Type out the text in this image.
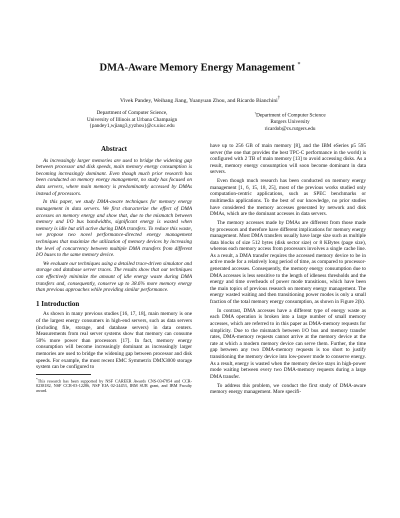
DMA-Aware Memory Energy Management *
Vivek Pandey, Weihang Jiang, Yuanyuan Zhou, and Ricardo Bianchini†
Department of Computer Science,
University of Illinois at Urbana Champaign
{pandey1,wjiang3,yyzhou}@cs.uiuc.edu
†Department of Computer Science
Rutgers University
ricardob@cs.rutgers.edu
Abstract

As increasingly larger memories are used to bridge the widening gap between processor and disk speeds, main memory energy consumption is becoming increasingly dominant. Even though much prior research has been conducted on memory energy management, no study has focused on data servers, where main memory is predominantly accessed by DMAs instead of processors.

In this paper, we study DMA-aware techniques for memory energy management in data servers. We first characterize the effect of DMA accesses on memory energy and show that, due to the mismatch between memory and I/O bus bandwidths, significant energy is wasted when memory is idle but still active during DMA transfers. To reduce this waste, we propose two novel performance-directed energy management techniques that maximize the utilization of memory devices by increasing the level of concurrency between multiple DMA transfers from different I/O buses to the same memory device.

We evaluate our techniques using a detailed trace-driven simulator and storage and database server traces. The results show that our techniques can effectively minimize the amount of idle energy waste during DMA transfers and, consequently, conserve up to 38.6% more memory energy than previous approaches while providing similar performance.

1 Introduction

As shown in many previous studies [16, 17, 18], main memory is one of the largest energy consumers in high-end servers, such as data servers (including file, storage, and database servers) in data centers. Measurements from real server systems show that memory can consume 50% more power than processors [17]. In fact, memory energy consumption will become increasingly dominant as increasingly larger memories are used to bridge the widening gap between processor and disk speeds. For example, the most recent EMC Symmetrix DMX3000 storage system can be configured to

*This research has been supported by NSF CAREER Awards CNS-0347854 and CCR-0238182, NSF CCR-03-12286, NSF EIA 02-24453, IBM SUR grant, and IBM Faculty award.

have up to 256 GB of main memory [8], and the IBM eSeries p5 595 server (the one that provides the best TPC-C performance in the world) is configured with 2 TB of main memory [13] to avoid accessing disks. As a result, memory energy consumption will soon become dominant in data servers.

Even though much research has been conducted on memory energy management [1, 6, 15, 18, 25], most of the previous works studied only computation-centric applications, such as SPEC benchmarks or multimedia applications. To the best of our knowledge, no prior studies have considered the memory accesses generated by network and disk DMAs, which are the dominant accesses in data servers.

The memory accesses made by DMAs are different from those made by processors and therefore have different implications for memory energy management. Most DMA transfers usually have large size such as multiple data blocks of size 512 bytes (disk sector size) or 8 KBytes (page size), whereas each memory access from processors involves a single cache line. As a result, a DMA transfer requires the accessed memory device to be in active mode for a relatively long period of time, as compared to processor-generated accesses. Consequently, the memory energy consumption due to DMA accesses is less sensitive to the length of idleness thresholds and the energy and time overheads of power mode transitions, which have been the main topics of previous research on memory energy management. The energy wasted waiting and then transitioning power modes is only a small fraction of the total memory energy consumption, as shown in Figure 2(b).

In contrast, DMA accesses have a different type of energy waste as each DMA operation is broken into a large number of small memory accesses, which are referred to in this paper as DMA-memory requests for simplicity. Due to the mismatch between I/O bus and memory transfer rates, DMA-memory requests cannot arrive at the memory device at the rate at which a modern memory device can serve them. Further, the time gap between any two DMA-memory requests is too short to justify transitioning the memory device into low-power mode to conserve energy. As a result, energy is wasted when the memory device stays in high-power mode waiting between every two DMA-memory requests during a large DMA transfer.

To address this problem, we conduct the first study of DMA-aware memory energy management. More specifi-
